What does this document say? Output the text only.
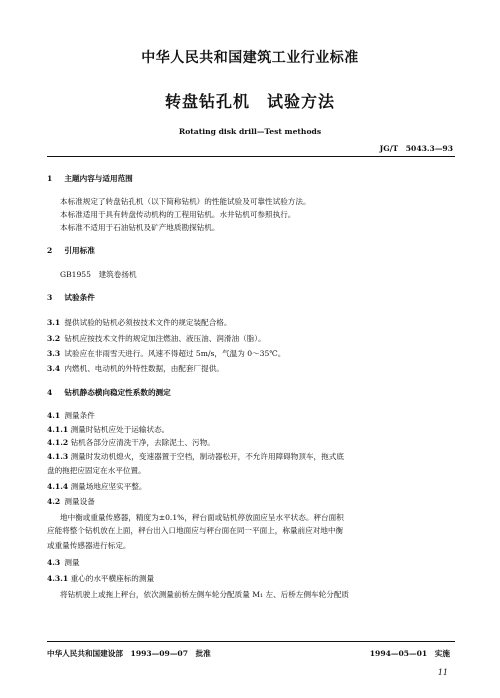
中华人民共和国建筑工业行业标准
转盘钻孔机　试验方法
Rotating disk drill—Test methods
JG/T　5043.3—93
1 主题内容与适用范围
本标准规定了转盘钻孔机（以下简称钻机）的性能试验及可靠性试验方法。
本标准适用于具有转盘传动机构的工程用钻机。水井钻机可参照执行。
本标准不适用于石油钻机及矿产地质勘探钻机。
2 引用标准
GB1955　建筑卷扬机
3 试验条件
3.1 提供试验的钻机必须按技术文件的规定装配合格。
3.2 钻机应按技术文件的规定加注燃油、液压油、润滑油（脂）。
3.3 试验应在非雨雪天进行。风速不得超过 5m/s，气温为 0～35℃。
3.4 内燃机、电动机的外特性数据，由配套厂提供。
4 钻机静态横向稳定性系数的测定
4.1 测量条件
4.1.1 测量时钻机应处于运输状态。
4.1.2 钻机各部分应清洗干净，去除泥土、污物。
4.1.3 测量时发动机熄火，变速器置于空档，制动器松开，不允许用障碍物顶车，拖式底
盘的拖把应固定在水平位置。
4.1.4 测量场地应坚实平整。
4.2 测量设备
地中衡或重量传感器，精度为±0.1%，秤台面或钻机停放面应呈水平状态。秤台面积
应能将整个钻机放在上面，秤台出入口地面应与秤台面在同一平面上，称量前应对地中衡
或重量传感器进行标定。
4.3 测量
4.3.1 重心的水平横座标的测量
将钻机驶上或拖上秤台，依次测量前桥左侧车轮分配质量 M₁ 左、后桥左侧车轮分配质
中华人民共和国建设部　1993—09—07　批准	1994—05—01　实施
11
